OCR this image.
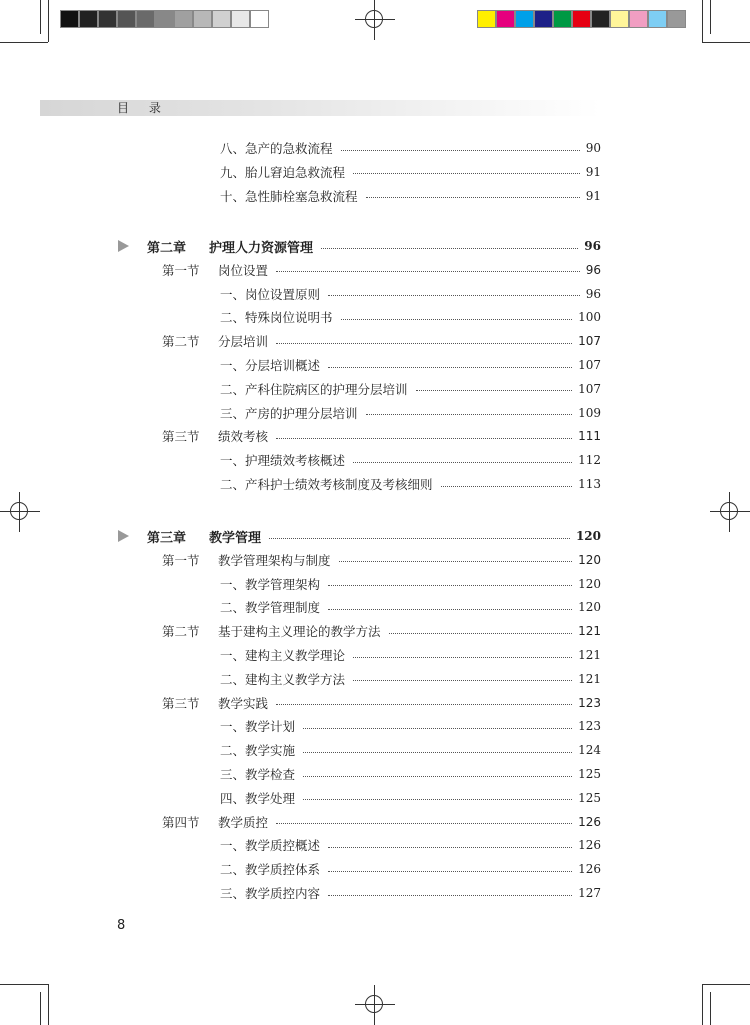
目 录
八、急产的急救流程	90
九、胎儿窘迫急救流程	91
十、急性肺栓塞急救流程	91
第二章 护理人力资源管理	96
第一节 岗位设置	96
一、岗位设置原则	96
二、特殊岗位说明书	100
第二节 分层培训	107
一、分层培训概述	107
二、产科住院病区的护理分层培训	107
三、产房的护理分层培训	109
第三节 绩效考核	111
一、护理绩效考核概述	112
二、产科护士绩效考核制度及考核细则	113
第三章 教学管理	120
第一节 教学管理架构与制度	120
一、教学管理架构	120
二、教学管理制度	120
第二节 基于建构主义理论的教学方法	121
一、建构主义教学理论	121
二、建构主义教学方法	121
第三节 教学实践	123
一、教学计划	123
二、教学实施	124
三、教学检查	125
四、教学处理	125
第四节 教学质控	126
一、教学质控概述	126
二、教学质控体系	126
三、教学质控内容	127
8
